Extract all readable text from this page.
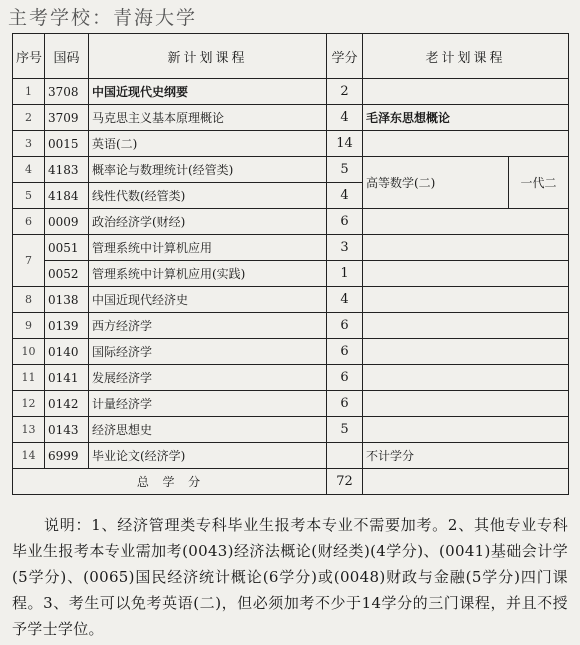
主考学校：青海大学
序号	国码	新计划课程	学分	老计划课程	
1	3708	中国近现代史纲要	2		
2	3709	马克思主义基本原理概论	4	毛泽东思想概论	
3	0015	英语(二)	14		
4	4183	概率论与数理统计(经管类)	5	高等数学(二)	一代二
5	4184	线性代数(经管类)	4		
6	0009	政治经济学(财经)	6		
7	0051	管理系统中计算机应用	3		
	0052	管理系统中计算机应用(实践)	1		
8	0138	中国近现代经济史	4		
9	0139	西方经济学	6		
10	0140	国际经济学	6		
11	0141	发展经济学	6		
12	0142	计量经济学	6		
13	0143	经济思想史	5		
14	6999	毕业论文(经济学)		不计学分	
总  学  分			72		

说明：1、经济管理类专科毕业生报考本专业不需要加考。2、其他专业专科毕业生报考本专业需加考(0043)经济法概论(财经类)(4学分)、(0041)基础会计学(5学分)、(0065)国民经济统计概论(6学分)或(0048)财政与金融(5学分)四门课程。3、考生可以免考英语(二)，但必须加考不少于14学分的三门课程，并且不授予学士学位。
